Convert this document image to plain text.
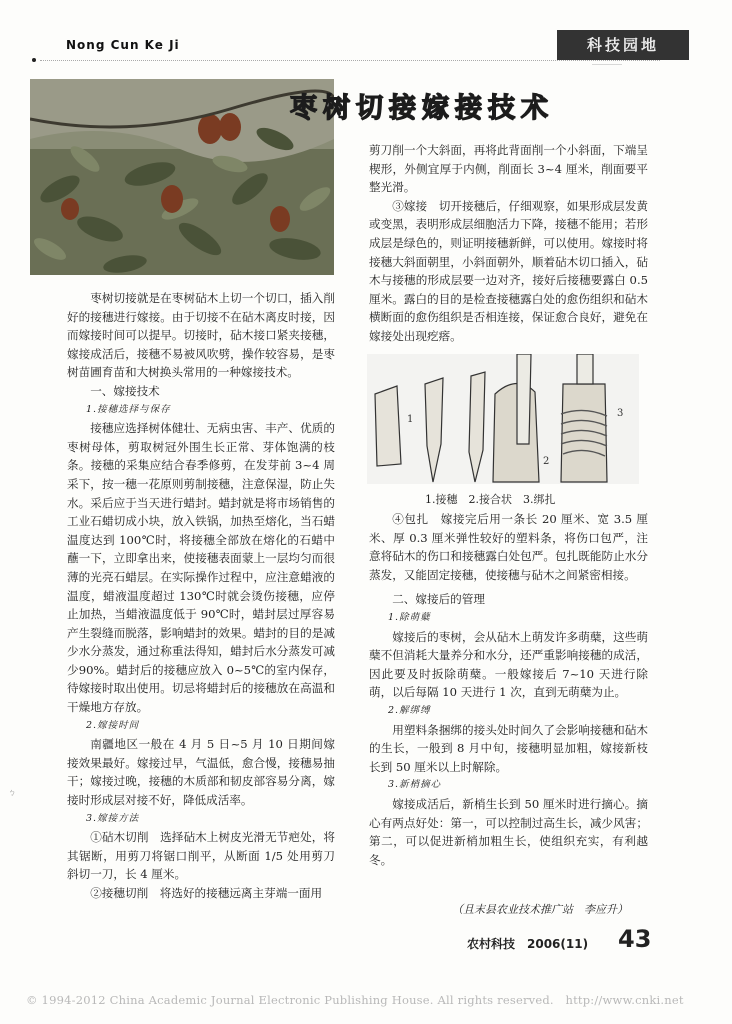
Nong Cun Ke Ji	科技园地
……………
枣树切接嫁接技术

枣树切接就是在枣树砧木上切一个切口，插入削好的接穗进行嫁接。由于切接不在砧木离皮时接，因而嫁接时间可以提早。切接时，砧木接口紧夹接穗，嫁接成活后，接穗不易被风吹劈，操作较容易，是枣树苗圃育苗和大树换头常用的一种嫁接技术。

一、嫁接技术

1.接穗选择与保存

接穗应选择树体健壮、无病虫害、丰产、优质的枣树母体，剪取树冠外围生长正常、芽体饱满的枝条。接穗的采集应结合春季修剪，在发芽前 3~4 周采下，按一穗一花原则剪制接穗，注意保湿，防止失水。采后应于当天进行蜡封。蜡封就是将市场销售的工业石蜡切成小块，放入铁锅，加热至熔化，当石蜡温度达到 100℃时，将接穗全部放在熔化的石蜡中蘸一下，立即拿出来，使接穗表面蒙上一层均匀而很薄的光亮石蜡层。在实际操作过程中，应注意蜡液的温度，蜡液温度超过 130℃时就会烫伤接穗，应停止加热，当蜡液温度低于 90℃时，蜡封层过厚容易产生裂缝而脱落，影响蜡封的效果。蜡封的目的是减少水分蒸发，通过称重法得知，蜡封后水分蒸发可减少90%。蜡封后的接穗应放入 0~5℃的室内保存，待嫁接时取出使用。切忌将蜡封后的接穗放在高温和干燥地方存放。

2.嫁接时间

南疆地区一般在 4 月 5 日~5 月 10 日期间嫁接效果最好。嫁接过早，气温低，愈合慢，接穗易抽干；嫁接过晚，接穗的木质部和韧皮部容易分离，嫁接时形成层对接不好，降低成活率。

3.嫁接方法

①砧木切削　选择砧木上树皮光滑无节疤处，将其锯断，用剪刀将锯口削平，从断面 1/5 处用剪刀斜切一刀，长 4 厘米。

②接穗切削　将选好的接穗远离主芽端一面用

剪刀削一个大斜面，再将此背面削一个小斜面，下端呈楔形，外侧宜厚于内侧，削面长 3~4 厘米，削面要平整光滑。

③嫁接　切开接穗后，仔细观察，如果形成层发黄或变黑，表明形成层细胞活力下降，接穗不能用；若形成层是绿色的，则证明接穗新鲜，可以使用。嫁接时将接穗大斜面朝里，小斜面朝外，顺着砧木切口插入，砧木与接穗的形成层要一边对齐，接好后接穗要露白 0.5 厘米。露白的目的是检查接穗露白处的愈伤组织和砧木横断面的愈伤组织是否相连接，保证愈合良好，避免在嫁接处出现疙瘩。

1
2
3
1.接穗　2.接合状　3.绑扎

④包扎　嫁接完后用一条长 20 厘米、宽 3.5 厘米、厚 0.3 厘米弹性较好的塑料条，将伤口包严，注意将砧木的伤口和接穗露白处包严。包扎既能防止水分蒸发，又能固定接穗，使接穗与砧木之间紧密相接。

二、嫁接后的管理

1.除萌蘖

嫁接后的枣树，会从砧木上萌发许多萌蘖，这些萌蘖不但消耗大量养分和水分，还严重影响接穗的成活，因此要及时扳除萌蘖。一般嫁接后 7~10 天进行除萌，以后每隔 10 天进行 1 次，直到无萌蘖为止。

2.解绑缚

用塑料条捆绑的接头处时间久了会影响接穗和砧木的生长，一般到 8 月中旬，接穗明显加粗，嫁接新枝长到 50 厘米以上时解除。

3.新梢摘心

嫁接成活后，新梢生长到 50 厘米时进行摘心。摘心有两点好处：第一，可以控制过高生长，减少风害；第二，可以促进新梢加粗生长，使组织充实，有利越冬。

（且末县农业技术推广站　李应升）
农村科技　2006(11) 43
© 1994-2012 China Academic Journal Electronic Publishing House. All rights reserved.　http://www.cnki.net
ㄅ
